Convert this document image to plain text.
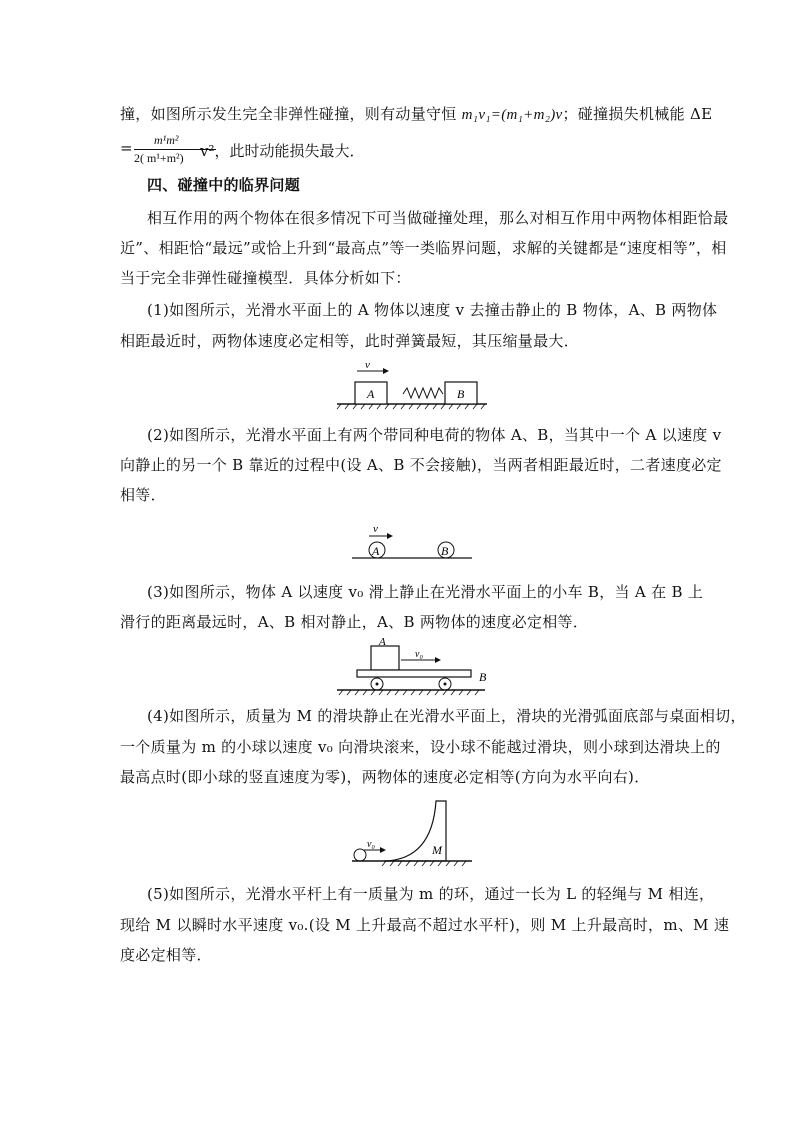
撞，如图所示发生完全非弹性碰撞，则有动量守恒 m₁v₁=(m₁+m₂)v；碰撞损失机械能 ΔE
= m¹m²
2( m¹+m²) v²，此时动能损失最大．
四、碰撞中的临界问题
相互作用的两个物体在很多情况下可当做碰撞处理，那么对相互作用中两物体相距恰最
近”、相距恰“最远”或恰上升到“最高点”等一类临界问题，求解的关键都是“速度相等”，相
当于完全非弹性碰撞模型．具体分析如下：
(1)如图所示，光滑水平面上的 A 物体以速度 v 去撞击静止的 B 物体，A、B 两物体
相距最近时，两物体速度必定相等，此时弹簧最短，其压缩量最大．
A
v
B
(2)如图所示，光滑水平面上有两个带同种电荷的物体 A、B，当其中一个 A 以速度 v
向静止的另一个 B 靠近的过程中(设 A、B 不会接触)，当两者相距最近时，二者速度必定
相等．
A
v
B
(3)如图所示，物体 A 以速度 v₀ 滑上静止在光滑水平面上的小车 B，当 A 在 B 上
滑行的距离最远时，A、B 相对静止，A、B 两物体的速度必定相等．
A
v₀
B
(4)如图所示，质量为 M 的滑块静止在光滑水平面上，滑块的光滑弧面底部与桌面相切，
一个质量为 m 的小球以速度 v₀ 向滑块滚来，设小球不能越过滑块，则小球到达滑块上的
最高点时(即小球的竖直速度为零)，两物体的速度必定相等(方向为水平向右)．
M
v₀
(5)如图所示，光滑水平杆上有一质量为 m 的环，通过一长为 L 的轻绳与 M 相连，
现给 M 以瞬时水平速度 v₀.(设 M 上升最高不超过水平杆)，则 M 上升最高时，m、M 速
度必定相等．
